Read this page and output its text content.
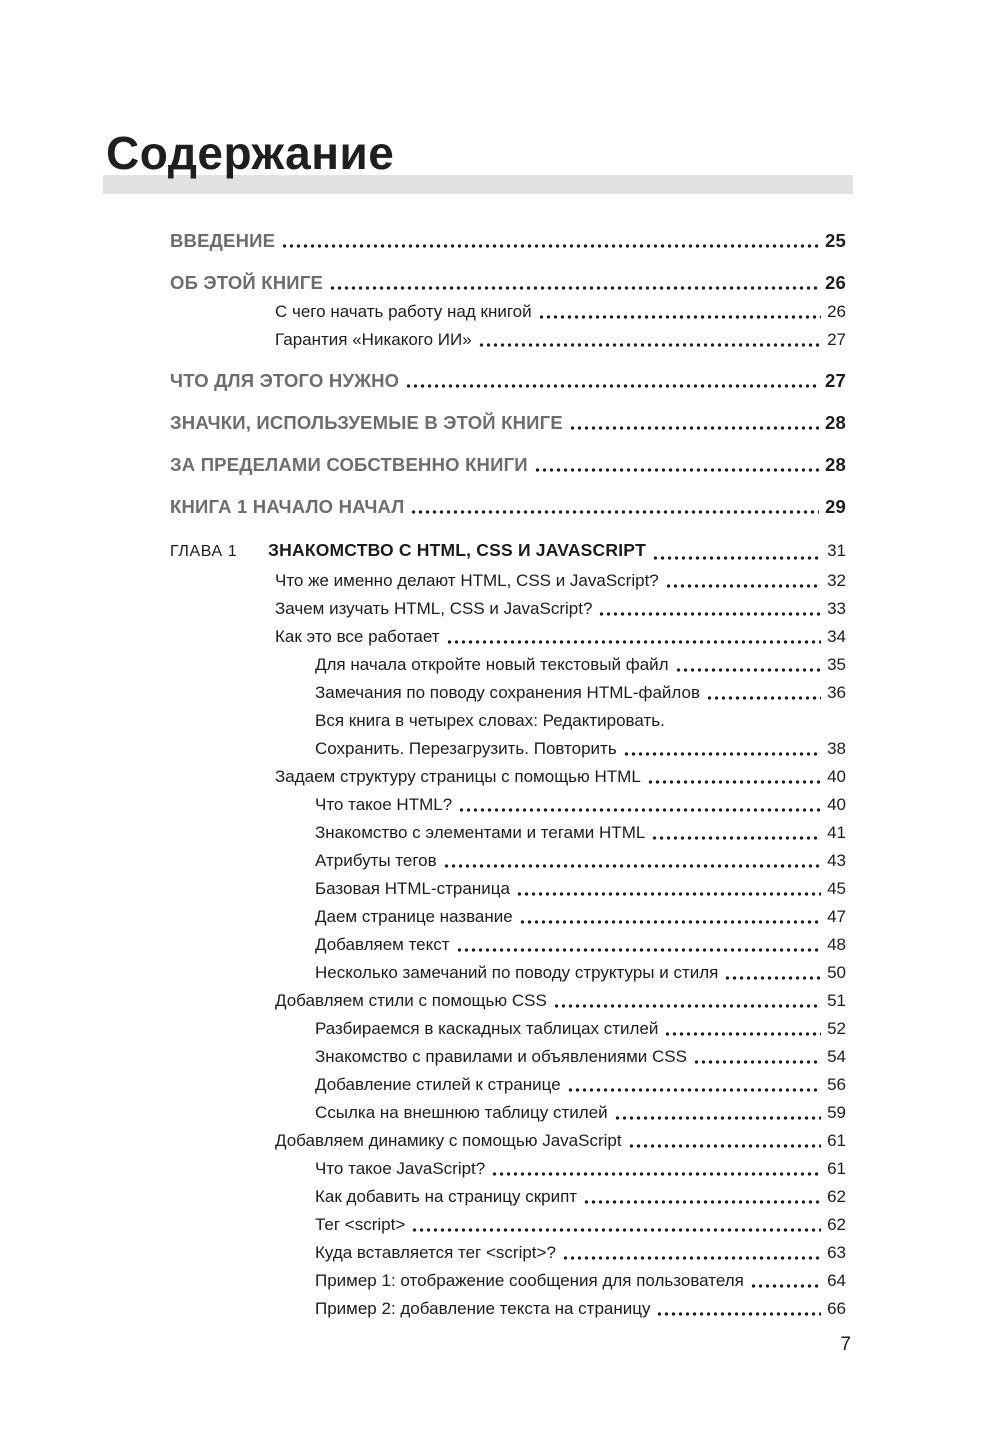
Содержание
ВВЕДЕНИЕ	25
ОБ ЭТОЙ КНИГЕ	26
С чего начать работу над книгой	26
Гарантия «Никакого ИИ»	27
ЧТО ДЛЯ ЭТОГО НУЖНО	27
ЗНАЧКИ, ИСПОЛЬЗУЕМЫЕ В ЭТОЙ КНИГЕ	28
ЗА ПРЕДЕЛАМИ СОБСТВЕННО КНИГИ	28
КНИГА 1 НАЧАЛО НАЧАЛ	29
ГЛАВА 1	ЗНАКОМСТВО С HTML, CSS И JAVASCRIPT	31
Что же именно делают HTML, CSS и JavaScript?	32
Зачем изучать HTML, CSS и JavaScript?	33
Как это все работает	34
Для начала откройте новый текстовый файл	35
Замечания по поводу сохранения HTML-файлов	36
Вся книга в четырех словах: Редактировать.
Сохранить. Перезагрузить. Повторить	38
Задаем структуру страницы с помощью HTML	40
Что такое HTML?	40
Знакомство с элементами и тегами HTML	41
Атрибуты тегов	43
Базовая HTML-страница	45
Даем странице название	47
Добавляем текст	48
Несколько замечаний по поводу структуры и стиля	50
Добавляем стили с помощью CSS	51
Разбираемся в каскадных таблицах стилей	52
Знакомство с правилами и объявлениями CSS	54
Добавление стилей к странице	56
Ссылка на внешнюю таблицу стилей	59
Добавляем динамику с помощью JavaScript	61
Что такое JavaScript?	61
Как добавить на страницу скрипт	62
Тег <script>	62
Куда вставляется тег <script>?	63
Пример 1: отображение сообщения для пользователя	64
Пример 2: добавление текста на страницу	66
7
